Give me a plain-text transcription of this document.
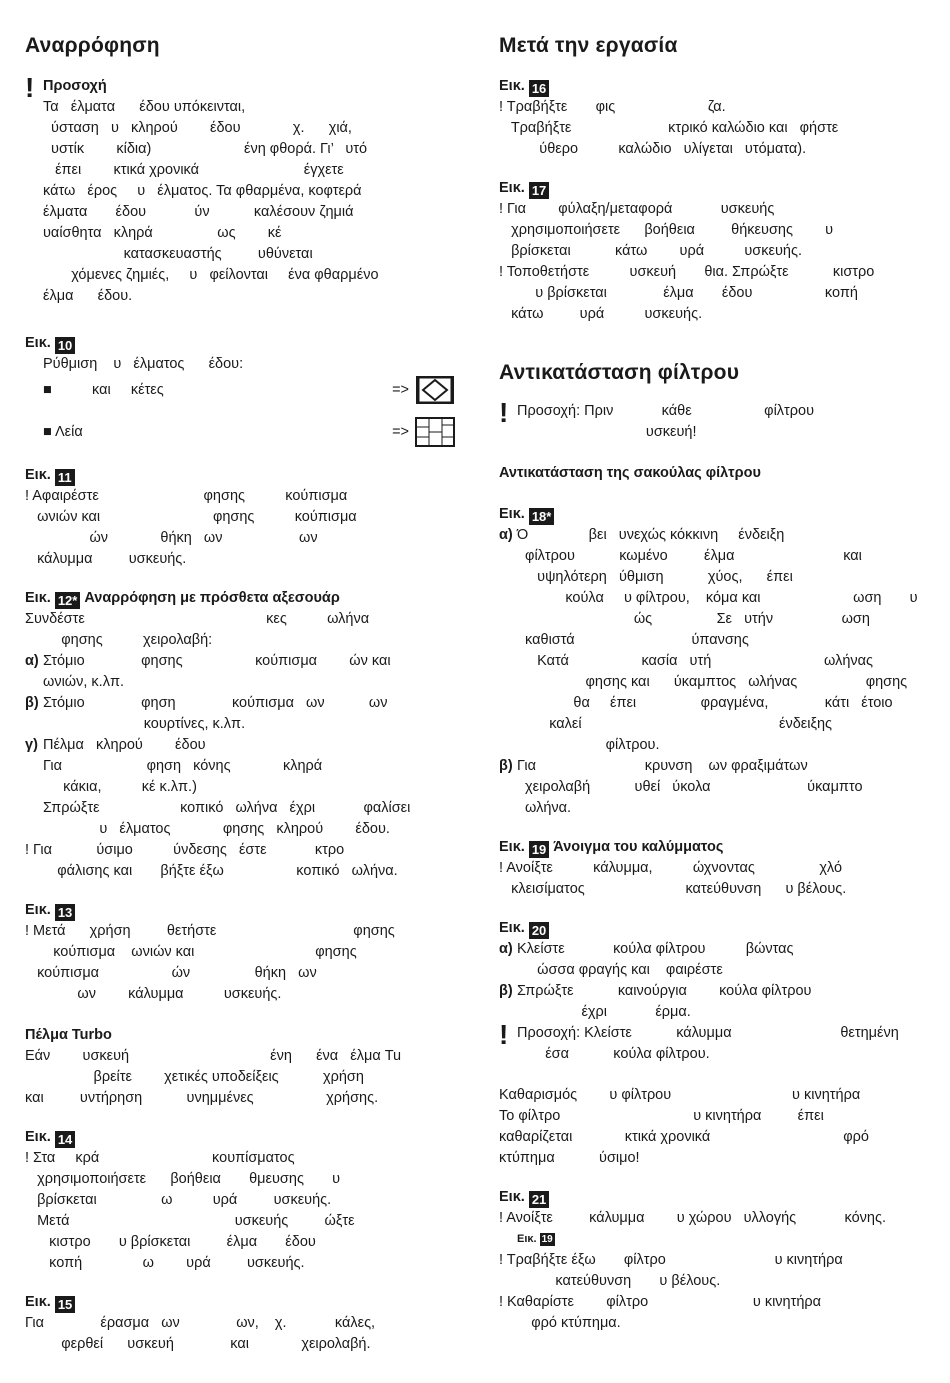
Αναρρόφηση
! Προσοχή
Τα   έλματα      έδου υπόκεινται,
ύσταση   υ   κληρού        έδου             χ.      χιά,
υστίκ        κίδια)                       ένη φθορά. Γι’   υτό
έπει        κτικά χρονικά                          έγχετε
κάτω   έρος     υ   έλματος. Τα φθαρμένα, κοφτερά
έλματα       έδου            ύν           καλέσουν ζημιά
υαίσθητα   κληρά                ως        κέ
κατασκευαστής         υθύνεται
χόμενες ζημιές,     υ   φείλονται     ένα φθαρμένο
έλμα      έδου.
Εικ. 10
Ρύθμιση    υ   έλματος      έδου:
■          και     κέτες	=>
■ Λεία	=>
Εικ. 11
! Αφαιρέστε                          φησης          κούπισμα
ωνιών και                            φησης          κούπισμα
ών             θήκη   ων                   ων
κάλυμμα         υσκευής.
Εικ. 12* Αναρρόφηση με πρόσθετα αξεσουάρ
Συνδέστε                                             κες          ωλήνα
φησης          χειρολαβή:
α) Στόμιο              φησης                  κούπισμα        ών και
ωνιών, κ.λπ.
β) Στόμιο              φηση              κούπισμα   ων           ων
κουρτίνες, κ.λπ.
γ) Πέλμα   κληρού        έδου
Για                     φηση   κόνης             κληρά
κάκια,          κέ κ.λπ.)
Σπρώξτε                    κοπικό   ωλήνα   έχρι            φαλίσει
υ   έλματος             φησης   κληρού        έδου.
! Για           ύσιμο          ύνδεσης   έστε            κτρο
φάλισης και       βήξτε έξω                  κοπικό   ωλήνα.
Εικ. 13
! Μετά      χρήση         θετήστε                                  φησης
κούπισμα    ωνιών και                              φησης
κούπισμα                  ών                θήκη   ων
ων        κάλυμμα          υσκευής.
Πέλμα Turbo
Εάν        υσκευή                                   ένη      ένα   έλμα Tu
βρείτε        χετικές υποδείξεις           χρήση
και         υντήρηση           υνημμένες                  χρήσης.
Εικ. 14
! Στα     κρά                            κουπίσματος
χρησιμοποιήσετε      βοήθεια       θμευσης       υ
βρίσκεται                ω          υρά         υσκευής.
Μετά                                         υσκευής         ώξτε
κιστρο       υ βρίσκεται         έλμα       έδου
κοπή               ω        υρά         υσκευής.
Εικ. 15
Για              έρασμα   ων              ων,    χ.            κάλες,
φερθεί      υσκευή              και             χειρολαβή.
Μετά την εργασία
Εικ. 16
! Τραβήξτε       φις                       ζα.
Τραβήξτε                        κτρικό καλώδιο και   φήστε
ύθερο          καλώδιο   υλίγεται   υτόματα).
Εικ. 17
! Για        φύλαξη/μεταφορά            υσκευής
χρησιμοποιήσετε      βοήθεια         θήκευσης        υ
βρίσκεται           κάτω        υρά          υσκευής.
! Τοποθετήστε          υσκευή       θια. Σπρώξτε           κιστρο
υ βρίσκεται              έλμα       έδου                  κοπή
κάτω         υρά          υσκευής.
Αντικατάσταση φίλτρου
! Προσοχή: Πριν            κάθε                  φίλτρου
υσκευή!
Αντικατάσταση της σακούλας φίλτρου
Εικ. 18*
α) Ό               βει   υνεχώς κόκκινη     ένδειξη
φίλτρου           κωμένο         έλμα                           και
υψηλότερη   ύθμιση           χύος,      έπει
κούλα     υ φίλτρου,    κόμα και                       ωση       υ
ώς                Σε   υτήν                 ωση
καθιστά                             ύπανσης
Κατά                  κασία   υτή                            ωλήνας
φησης και      ύκαμπτος   ωλήνας                 φησης
θα     έπει                φραγμένα,              κάτι   έτοιο
καλεί                                                 ένδειξης
φίλτρου.
β) Για                           κρυνση    ων φραξιμάτων
χειρολαβή           υθεί   ύκολα                        ύκαμπτο
ωλήνα.
Εικ. 19 Άνοιγμα του καλύμματος
! Ανοίξτε          κάλυμμα,          ώχνοντας                χλό
κλεισίματος                         κατεύθυνση      υ βέλους.
Εικ. 20
α) Κλείστε            κούλα φίλτρου          βώντας
ώσσα φραγής και    φαιρέστε
β) Σπρώξτε           καινούργια        κούλα φίλτρου
έχρι            έρμα.
! Προσοχή: Κλείστε           κάλυμμα                           θετημένη
έσα           κούλα φίλτρου.
Καθαρισμός        υ φίλτρου                              υ κινητήρα
Το φίλτρο                                 υ κινητήρα         έπει
καθαρίζεται             κτικά χρονικά                                 φρό
κτύπημα           ύσιμο!
Εικ. 21
! Ανοίξτε         κάλυμμα        υ χώρου   υλλογής            κόνης.
Εικ. 19
! Τραβήξτε έξω       φίλτρο                           υ κινητήρα
κατεύθυνση       υ βέλους.
! Καθαρίστε        φίλτρο                          υ κινητήρα
φρό κτύπημα.
